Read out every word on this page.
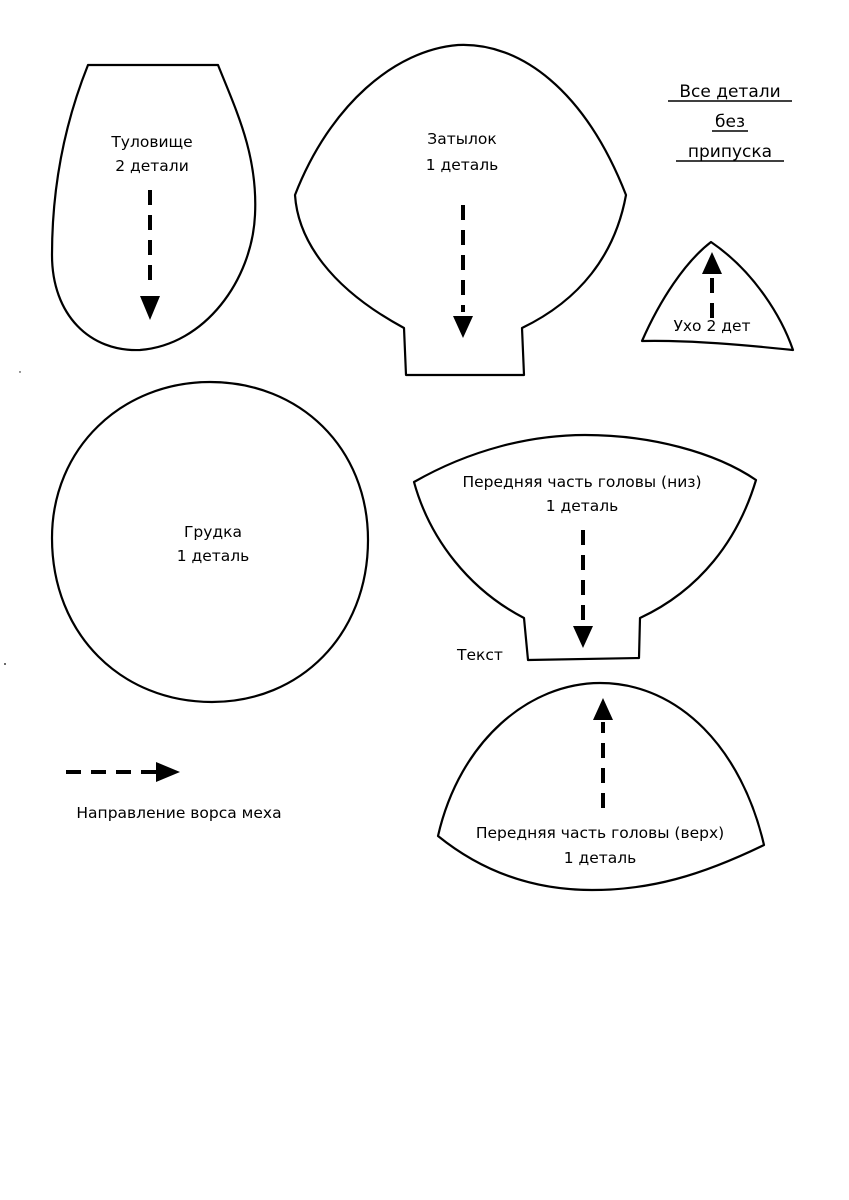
Туловище
2 детали
Затылок
1 деталь
Все детали
без
припуска
Ухо 2 дет
Грудка
1 деталь
Передняя часть головы (низ)
1 деталь
Текст
Передняя часть головы (верх)
1 деталь
Направление ворса меха
